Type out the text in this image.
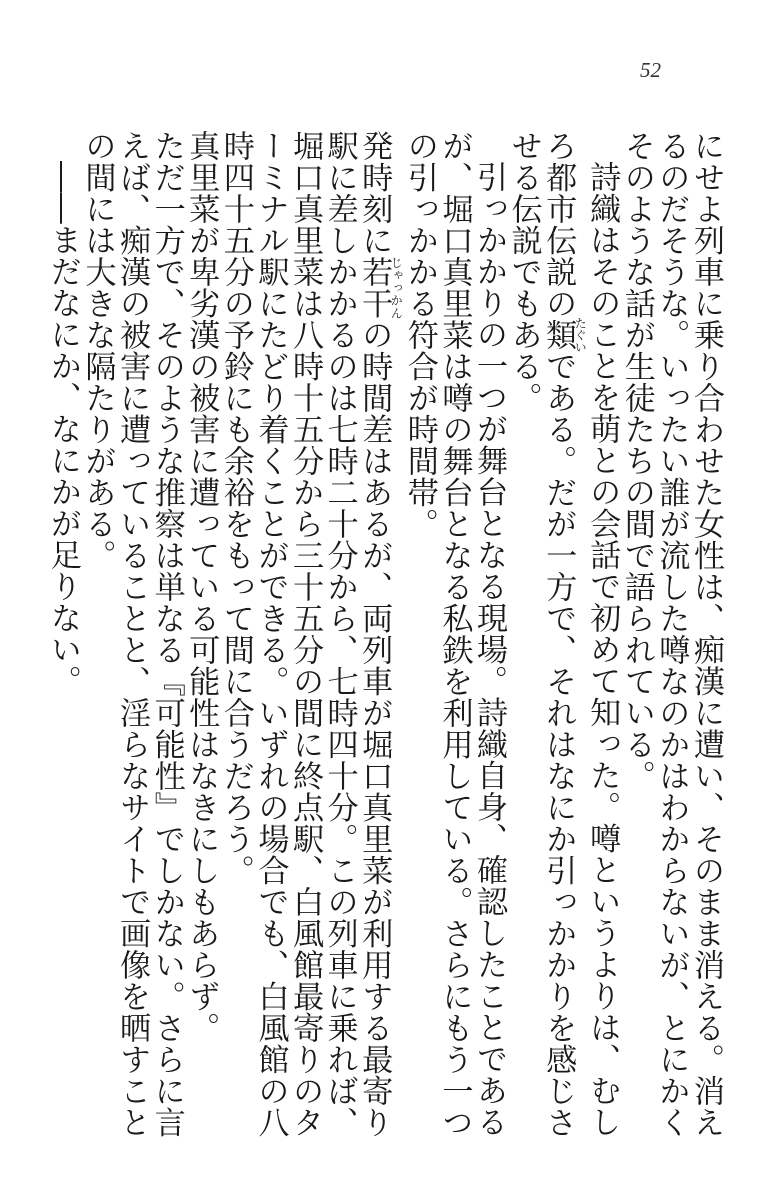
52
にせよ列車に乗り合わせた女性は、痴漢に遭い、そのまま消える。消えるのだそうな。いったい誰が流した噂なのかはわからないが、とにかくそのような話が生徒たちの間で語られている。
詩織はそのことを萌との会話で初めて知った。噂というよりは、むしろ都市伝説の類たぐいである。だが一方で、それはなにか引っかかりを感じさせる伝説でもある。
引っかかりの一つが舞台となる現場。詩織自身、確認したことであるが、堀口真里菜は噂の舞台となる私鉄を利用している。さらにもう一つの引っかかる符合が時間帯。
発時刻に若干じゃっかんの時間差はあるが、両列車が堀口真里菜が利用する最寄り駅に差しかかるのは七時二十分から、七時四十分。この列車に乗れば、堀口真里菜は八時十五分から三十五分の間に終点駅、白風館最寄りのターミナル駅にたどり着くことができる。いずれの場合でも、白風館の八時四十五分の予鈴にも余裕をもって間に合うだろう。
真里菜が卑劣漢の被害に遭っている可能性はなきにしもあらず。
ただ一方で、そのような推察は単なる『可能性』でしかない。さらに言えば、痴漢の被害に遭っていることと、淫らなサイトで画像を晒すことの間には大きな隔たりがある。
――まだなにか、なにかが足りない。
